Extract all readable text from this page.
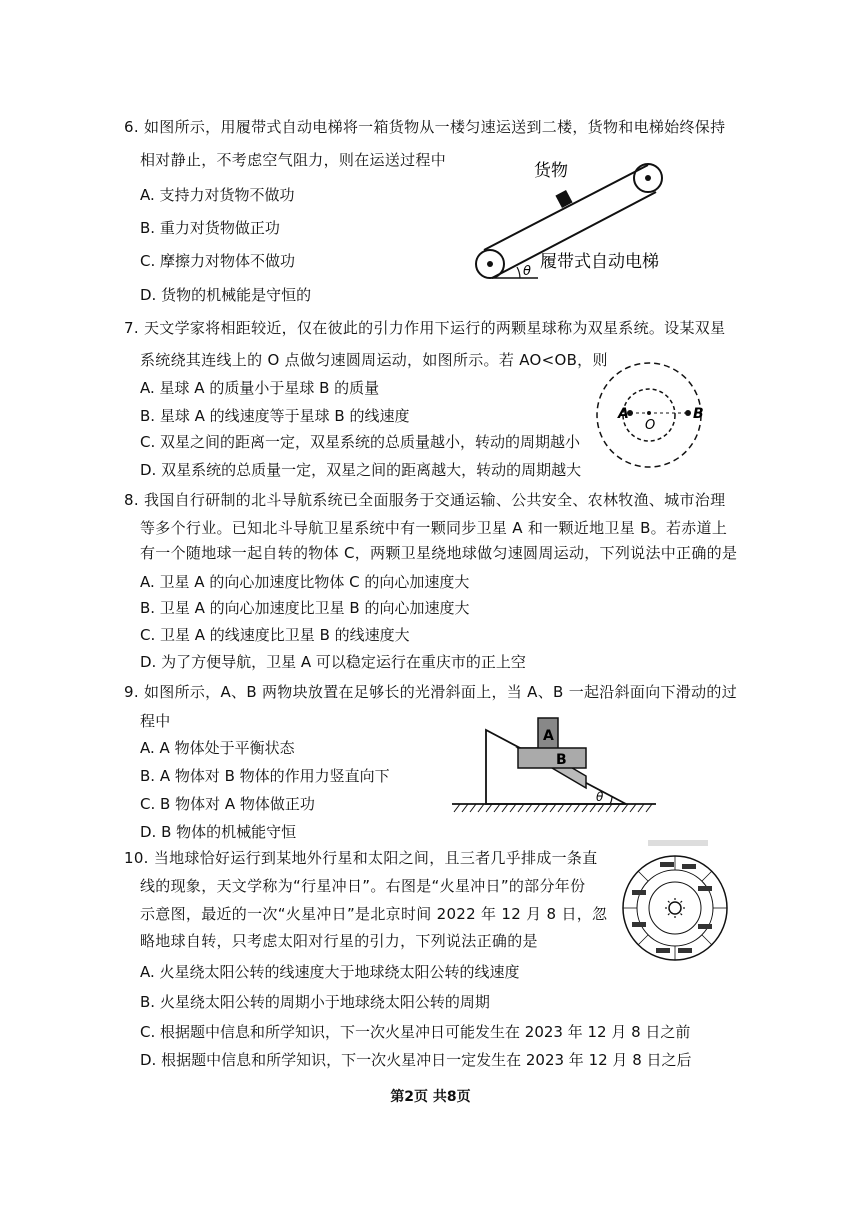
6. 如图所示，用履带式自动电梯将一箱货物从一楼匀速运送到二楼，货物和电梯始终保持
相对静止，不考虑空气阻力，则在运送过程中
A. 支持力对货物不做功
B. 重力对货物做正功
C. 摩擦力对物体不做功
D. 货物的机械能是守恒的
θ
货物
履带式自动电梯
7. 天文学家将相距较近，仅在彼此的引力作用下运行的两颗星球称为双星系统。设某双星
系统绕其连线上的 O 点做匀速圆周运动，如图所示。若 AO<OB，则
A. 星球 A 的质量小于星球 B 的质量
B. 星球 A 的线速度等于星球 B 的线速度
C. 双星之间的距离一定，双星系统的总质量越小，转动的周期越小
D. 双星系统的总质量一定，双星之间的距离越大，转动的周期越大
A
O
B
8. 我国自行研制的北斗导航系统已全面服务于交通运输、公共安全、农林牧渔、城市治理
等多个行业。已知北斗导航卫星系统中有一颗同步卫星 A 和一颗近地卫星 B。若赤道上
有一个随地球一起自转的物体 C，两颗卫星绕地球做匀速圆周运动，下列说法中正确的是
A. 卫星 A 的向心加速度比物体 C 的向心加速度大
B. 卫星 A 的向心加速度比卫星 B 的向心加速度大
C. 卫星 A 的线速度比卫星 B 的线速度大
D. 为了方便导航，卫星 A 可以稳定运行在重庆市的正上空
9. 如图所示，A、B 两物块放置在足够长的光滑斜面上，当 A、B 一起沿斜面向下滑动的过
程中
A. A 物体处于平衡状态
B. A 物体对 B 物体的作用力竖直向下
C. B 物体对 A 物体做正功
D. B 物体的机械能守恒
A
B
θ
10. 当地球恰好运行到某地外行星和太阳之间，且三者几乎排成一条直
线的现象，天文学称为“行星冲日”。右图是“火星冲日”的部分年份
示意图，最近的一次“火星冲日”是北京时间 2022 年 12 月 8 日，忽
略地球自转，只考虑太阳对行星的引力，下列说法正确的是
A. 火星绕太阳公转的线速度大于地球绕太阳公转的线速度
B. 火星绕太阳公转的周期小于地球绕太阳公转的周期
C. 根据题中信息和所学知识，下一次火星冲日可能发生在 2023 年 12 月 8 日之前
D. 根据题中信息和所学知识，下一次火星冲日一定发生在 2023 年 12 月 8 日之后
第2页 共8页
